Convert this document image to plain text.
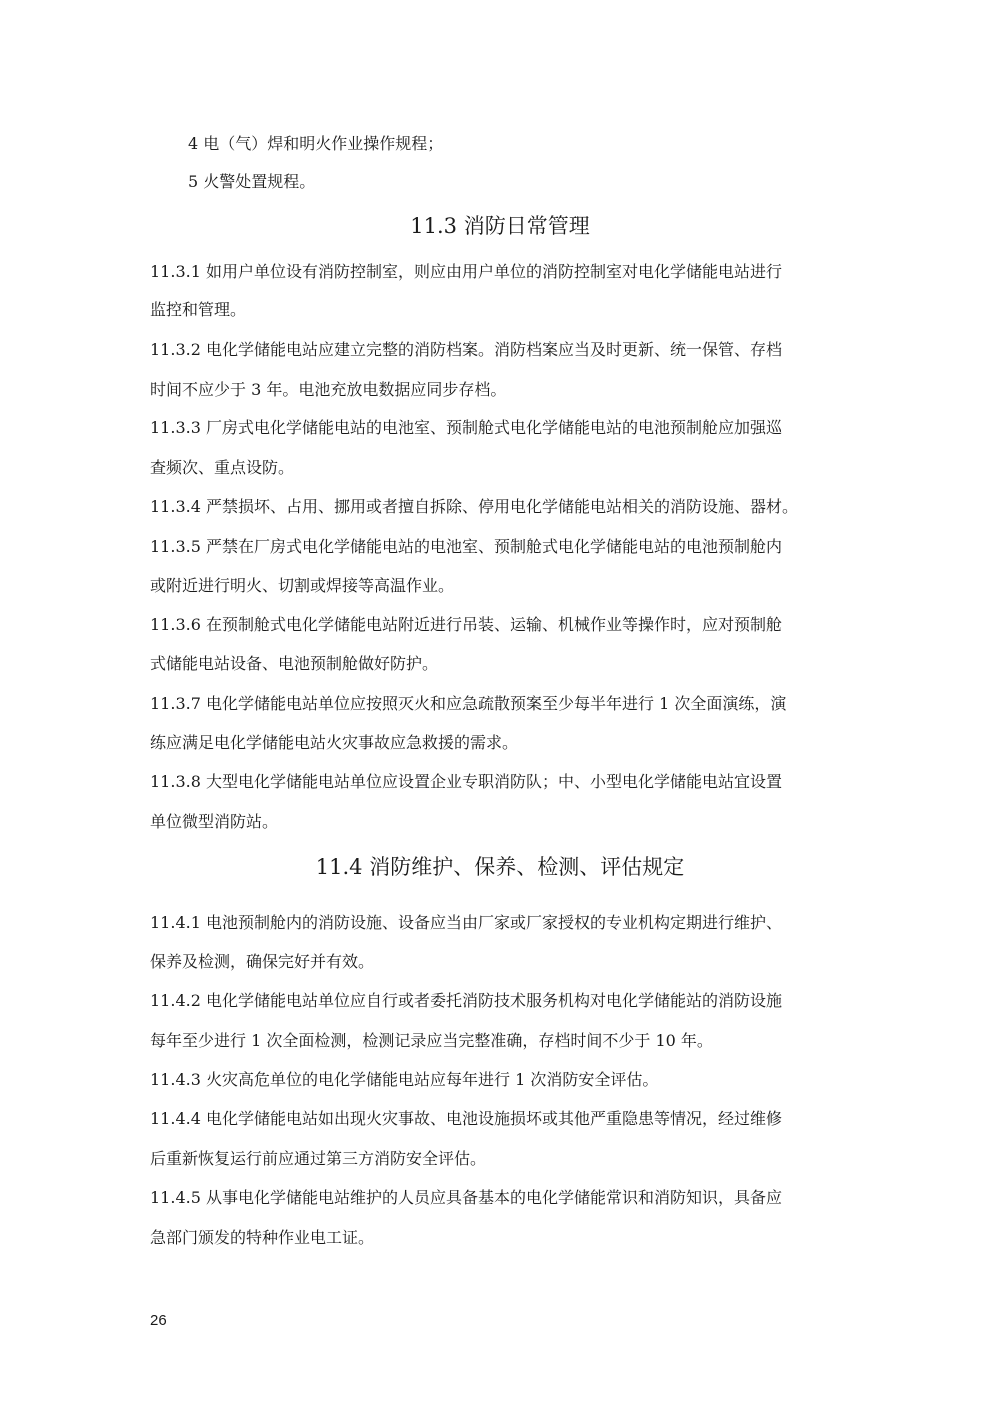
4 电（气）焊和明火作业操作规程；
5 火警处置规程。
11.3 消防日常管理
11.3.1 如用户单位设有消防控制室，则应由用户单位的消防控制室对电化学储能电站进行
监控和管理。
11.3.2 电化学储能电站应建立完整的消防档案。消防档案应当及时更新、统一保管、存档
时间不应少于 3 年。电池充放电数据应同步存档。
11.3.3 厂房式电化学储能电站的电池室、预制舱式电化学储能电站的电池预制舱应加强巡
查频次、重点设防。
11.3.4 严禁损坏、占用、挪用或者擅自拆除、停用电化学储能电站相关的消防设施、器材。
11.3.5 严禁在厂房式电化学储能电站的电池室、预制舱式电化学储能电站的电池预制舱内
或附近进行明火、切割或焊接等高温作业。
11.3.6 在预制舱式电化学储能电站附近进行吊装、运输、机械作业等操作时，应对预制舱
式储能电站设备、电池预制舱做好防护。
11.3.7 电化学储能电站单位应按照灭火和应急疏散预案至少每半年进行 1 次全面演练，演
练应满足电化学储能电站火灾事故应急救援的需求。
11.3.8 大型电化学储能电站单位应设置企业专职消防队；中、小型电化学储能电站宜设置
单位微型消防站。
11.4 消防维护、保养、检测、评估规定
11.4.1 电池预制舱内的消防设施、设备应当由厂家或厂家授权的专业机构定期进行维护、
保养及检测，确保完好并有效。
11.4.2 电化学储能电站单位应自行或者委托消防技术服务机构对电化学储能站的消防设施
每年至少进行 1 次全面检测，检测记录应当完整准确，存档时间不少于 10 年。
11.4.3 火灾高危单位的电化学储能电站应每年进行 1 次消防安全评估。
11.4.4 电化学储能电站如出现火灾事故、电池设施损坏或其他严重隐患等情况，经过维修
后重新恢复运行前应通过第三方消防安全评估。
11.4.5 从事电化学储能电站维护的人员应具备基本的电化学储能常识和消防知识，具备应
急部门颁发的特种作业电工证。
26
